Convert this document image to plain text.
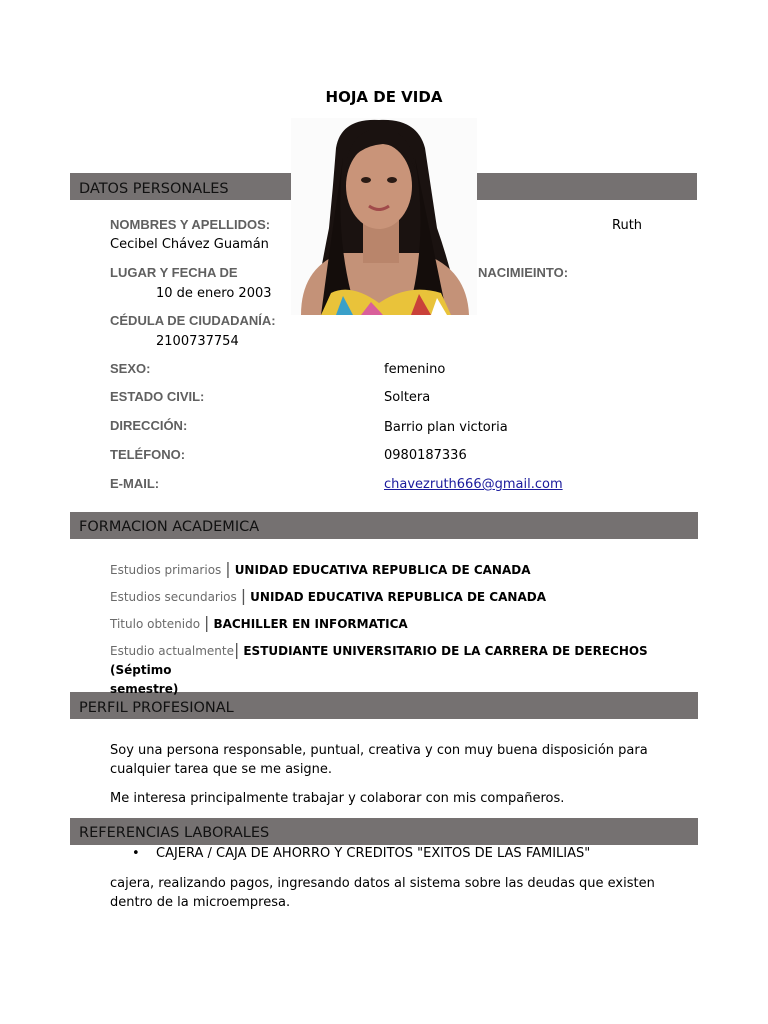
HOJA DE VIDA
DATOS PERSONALES
FORMACION ACADEMICA
PERFIL PROFESIONAL
REFERENCIAS LABORALES
NOMBRES Y APELLIDOS:	Ruth
Cecibel Chávez Guamán
LUGAR Y FECHA DE	NACIMIEINTO:
10 de enero 2003
CÉDULA DE CIUDADANÍA:
2100737754
SEXO:	femenino
ESTADO CIVIL:	Soltera
DIRECCIÓN:	Barrio plan victoria
TELÉFONO:	0980187336
E-MAIL:	chavezruth666@gmail.com
Estudios primarios | UNIDAD EDUCATIVA REPUBLICA DE CANADA
Estudios secundarios | UNIDAD EDUCATIVA REPUBLICA DE CANADA
Titulo obtenido | BACHILLER EN INFORMATICA
Estudio actualmente| ESTUDIANTE UNIVERSITARIO DE LA CARRERA DE DERECHOS (Séptimo
semestre)
Soy una persona responsable, puntual, creativa y con muy buena disposición para
cualquier tarea que se me asigne.
Me interesa principalmente trabajar y colaborar con mis compañeros.
• CAJERA / CAJA DE AHORRO Y CREDITOS "EXITOS DE LAS FAMILIAS"
cajera, realizando pagos, ingresando datos al sistema sobre las deudas que existen
dentro de la microempresa.
